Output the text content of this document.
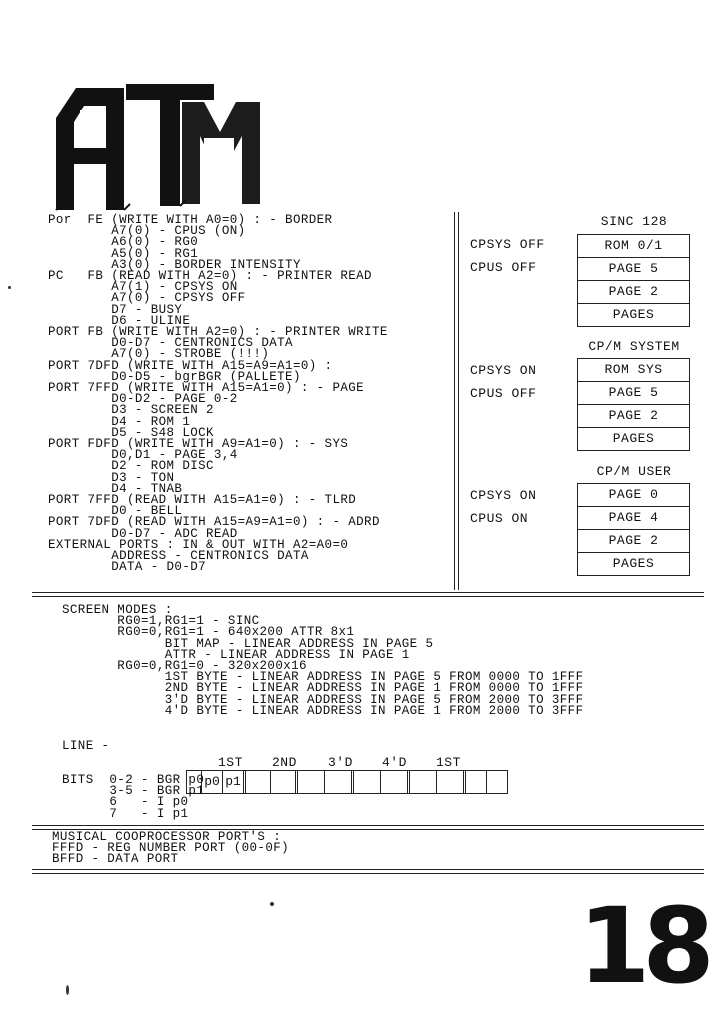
Por  FE (WRITE WITH A0=0) : - BORDER
A7(0) - CPUS (ON)
A6(0) - RG0
A5(0) - RG1
A3(0) - BORDER INTENSITY
PC   FB (READ WITH A2=0) : - PRINTER READ
A7(1) - CPSYS ON
A7(0) - CPSYS OFF
D7 - BUSY
D6 - ULINE
PORT FB (WRITE WITH A2=0) : - PRINTER WRITE
D0-D7 - CENTRONICS DATA
A7(0) - STROBE (!!!)
PORT 7DFD (WRITE WITH A15=A9=A1=0) :
D0-D5 - bgrBGR (PALLETE)
PORT 7FFD (WRITE WITH A15=A1=0) : - PAGE
D0-D2 - PAGE 0-2
D3 - SCREEN 2
D4 - ROM 1
D5 - S48 LOCK
PORT FDFD (WRITE WITH A9=A1=0) : - SYS
D0,D1 - PAGE 3,4
D2 - ROM DISC
D3 - TON
D4 - TNAB
PORT 7FFD (READ WITH A15=A1=0) : - TLRD
D0 - BELL
PORT 7DFD (READ WITH A15=A9=A1=0) : - ADRD
D0-D7 - ADC READ
EXTERNAL PORTS : IN & OUT WITH A2=A0=0
ADDRESS - CENTRONICS DATA
DATA - D0-D7
SINC 128
CPSYS OFF
CPUS OFF
ROM 0/1
PAGE 5
PAGE 2
PAGES
CP/M SYSTEM
CPSYS ON
CPUS OFF
ROM SYS
PAGE 5
PAGE 2
PAGES
CP/M USER
CPSYS ON
CPUS ON
PAGE 0
PAGE 4
PAGE 2
PAGES
SCREEN MODES :
RG0=1,RG1=1 - SINC
RG0=0,RG1=1 - 640x200 ATTR 8x1
BIT MAP - LINEAR ADDRESS IN PAGE 5
ATTR - LINEAR ADDRESS IN PAGE 1
RG0=0,RG1=0 - 320x200x16
1ST BYTE - LINEAR ADDRESS IN PAGE 5 FROM 0000 TO 1FFF
2ND BYTE - LINEAR ADDRESS IN PAGE 1 FROM 0000 TO 1FFF
3'D BYTE - LINEAR ADDRESS IN PAGE 5 FROM 2000 TO 3FFF
4'D BYTE - LINEAR ADDRESS IN PAGE 1 FROM 2000 TO 3FFF
LINE -
1ST 2ND 3'D 4'D 1ST
p0 p1
BITS  0-2 - BGR p0
3-5 - BGR p1
6   - I p0
7   - I p1
MUSICAL COOPROCESSOR PORT'S :
FFFD - REG NUMBER PORT (00-0F)
BFFD - DATA PORT
18
